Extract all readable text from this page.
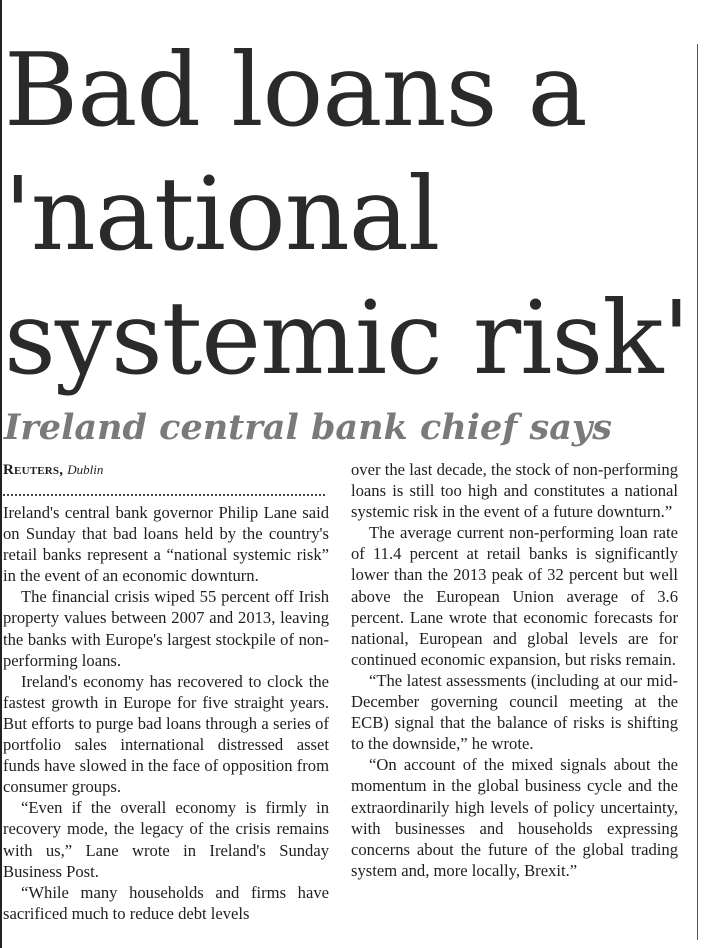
Bad loans a
'national
systemic risk'
Ireland central bank chief says
Reuters, Dublin

Ireland's central bank governor Philip Lane said on Sunday that bad loans held by the country's retail banks represent a “national systemic risk” in the event of an economic downturn.

The financial crisis wiped 55 percent off Irish property values between 2007 and 2013, leaving the banks with Europe's largest stockpile of non-performing loans.

Ireland's economy has recovered to clock the fastest growth in Europe for five straight years. But efforts to purge bad loans through a series of portfolio sales international distressed asset funds have slowed in the face of opposition from consumer groups.

“Even if the overall economy is firmly in recovery mode, the legacy of the crisis remains with us,” Lane wrote in Ireland's Sunday Business Post.

“While many households and firms have sacrificed much to reduce debt levels

over the last decade, the stock of non-performing loans is still too high and constitutes a national systemic risk in the event of a future downturn.”

The average current non-performing loan rate of 11.4 percent at retail banks is significantly lower than the 2013 peak of 32 percent but well above the European Union average of 3.6 percent. Lane wrote that economic forecasts for national, European and global levels are for continued economic expansion, but risks remain.

“The latest assessments (including at our mid-December governing council meeting at the ECB) signal that the balance of risks is shifting to the downside,” he wrote.

“On account of the mixed signals about the momentum in the global business cycle and the extraordinarily high levels of policy uncertainty, with businesses and households expressing concerns about the future of the global trading system and, more locally, Brexit.”
